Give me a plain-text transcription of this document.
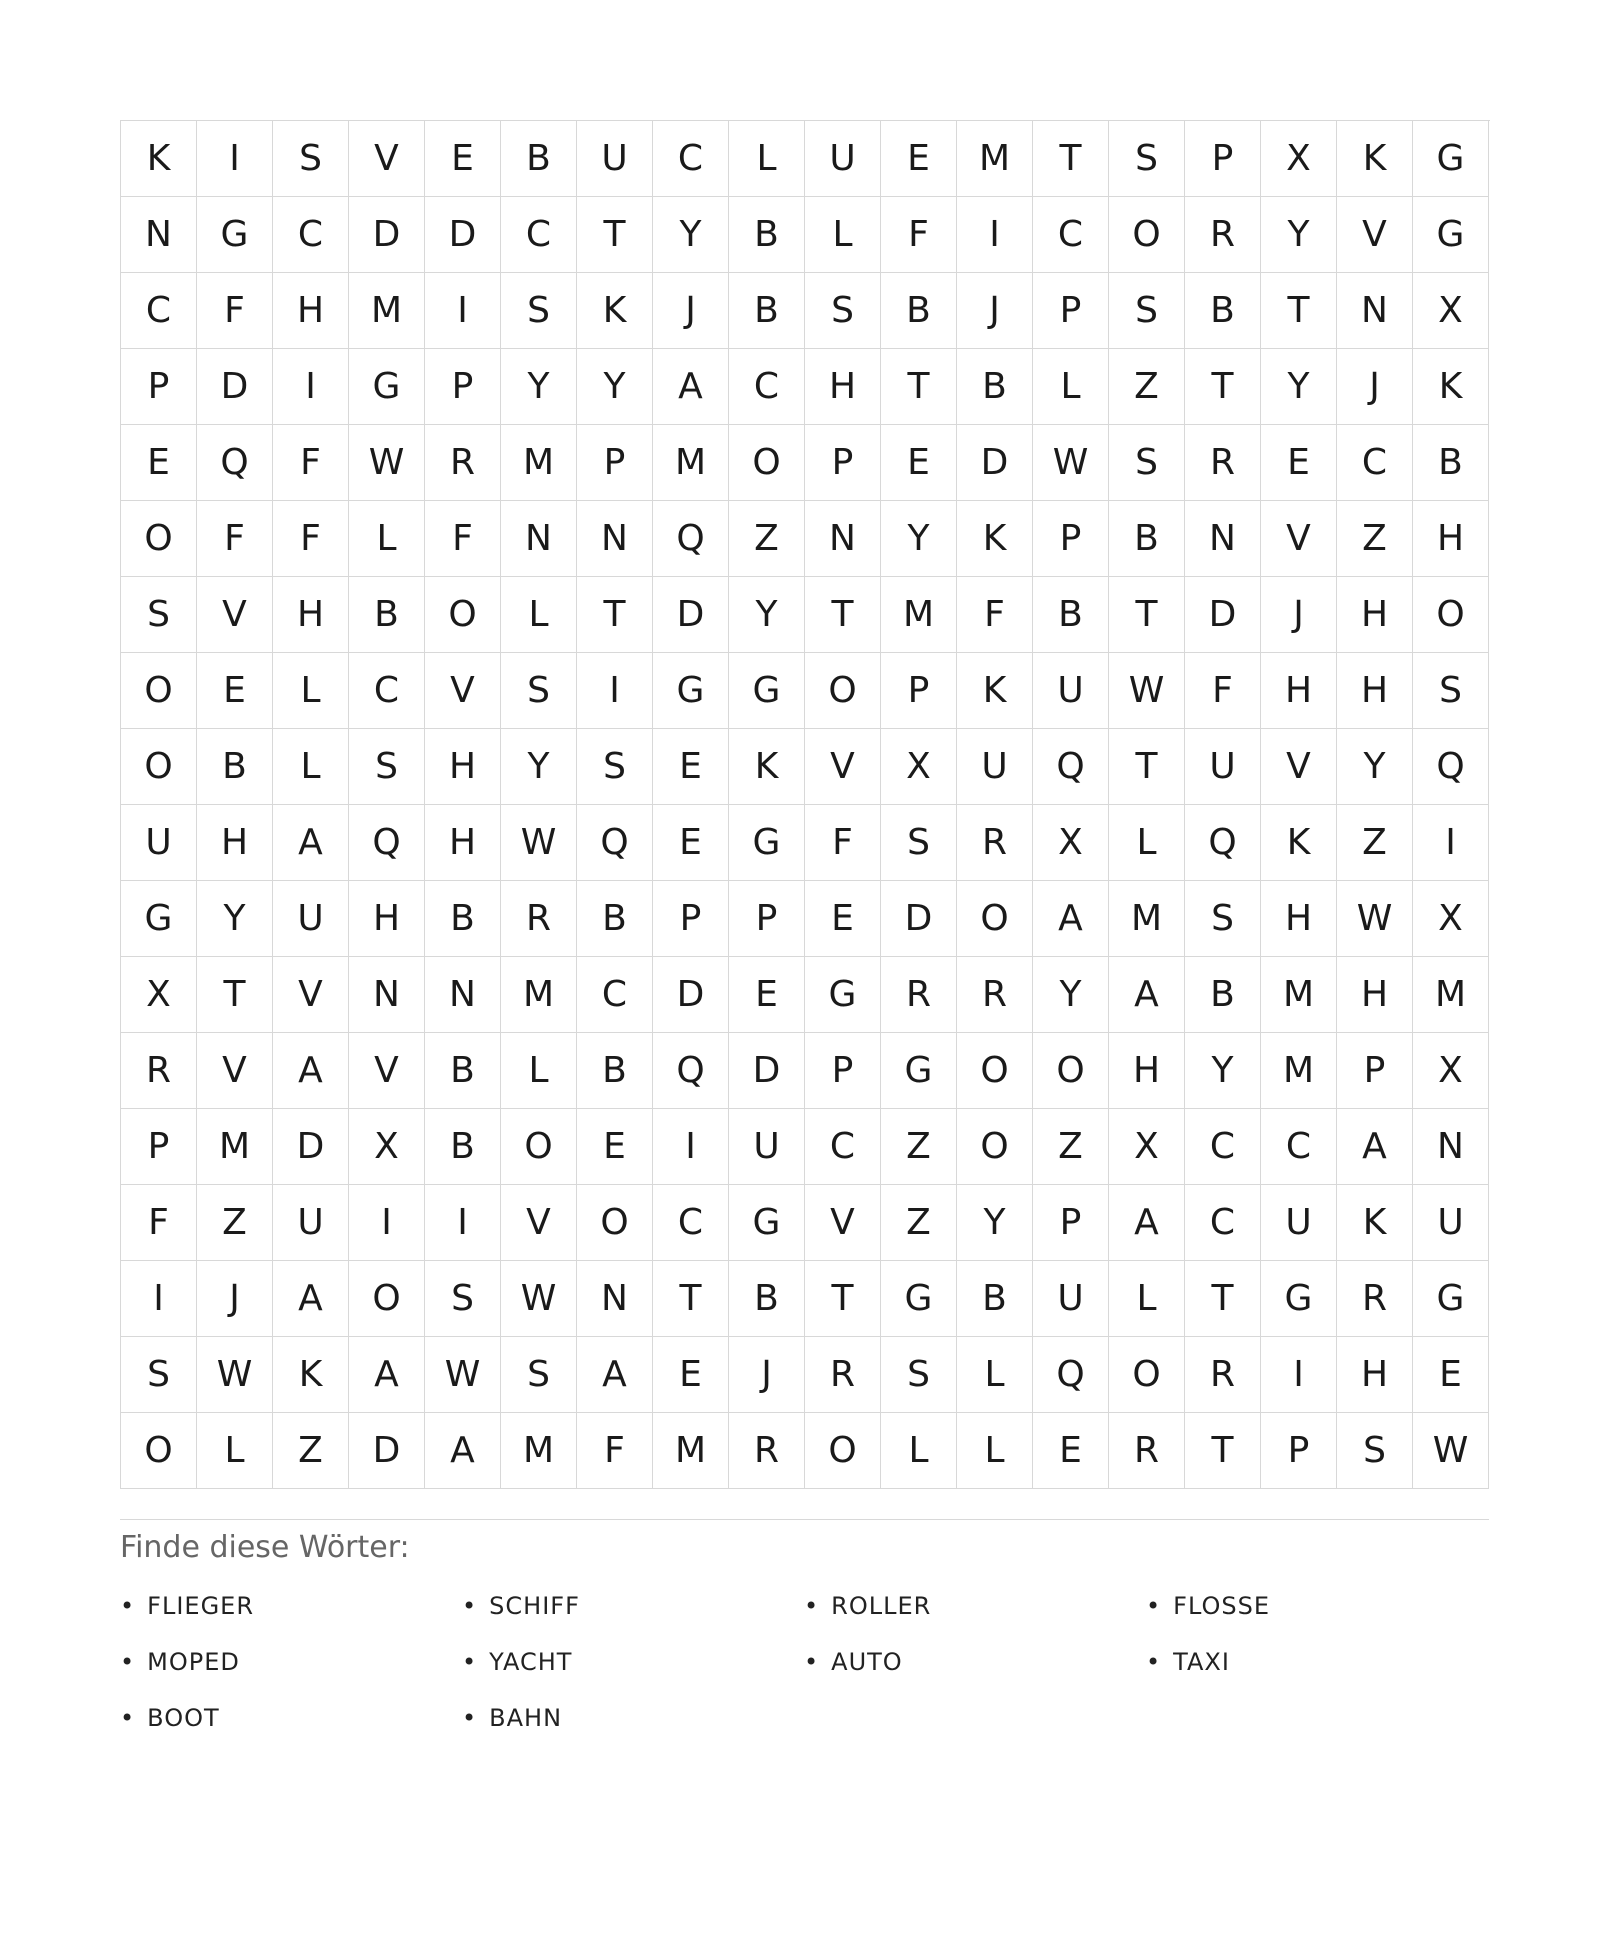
K	I	S	V	E	B	U	C	L	U	E	M	T	S	P	X	K	G
N	G	C	D	D	C	T	Y	B	L	F	I	C	O	R	Y	V	G
C	F	H	M	I	S	K	J	B	S	B	J	P	S	B	T	N	X
P	D	I	G	P	Y	Y	A	C	H	T	B	L	Z	T	Y	J	K
E	Q	F	W	R	M	P	M	O	P	E	D	W	S	R	E	C	B
O	F	F	L	F	N	N	Q	Z	N	Y	K	P	B	N	V	Z	H
S	V	H	B	O	L	T	D	Y	T	M	F	B	T	D	J	H	O
O	E	L	C	V	S	I	G	G	O	P	K	U	W	F	H	H	S
O	B	L	S	H	Y	S	E	K	V	X	U	Q	T	U	V	Y	Q
U	H	A	Q	H	W	Q	E	G	F	S	R	X	L	Q	K	Z	I
G	Y	U	H	B	R	B	P	P	E	D	O	A	M	S	H	W	X
X	T	V	N	N	M	C	D	E	G	R	R	Y	A	B	M	H	M
R	V	A	V	B	L	B	Q	D	P	G	O	O	H	Y	M	P	X
P	M	D	X	B	O	E	I	U	C	Z	O	Z	X	C	C	A	N
F	Z	U	I	I	V	O	C	G	V	Z	Y	P	A	C	U	K	U
I	J	A	O	S	W	N	T	B	T	G	B	U	L	T	G	R	G
S	W	K	A	W	S	A	E	J	R	S	L	Q	O	R	I	H	E
O	L	Z	D	A	M	F	M	R	O	L	L	E	R	T	P	S	W
Finde diese Wörter:
• FLIEGER	• SCHIFF	• ROLLER	• FLOSSE
• MOPED	• YACHT	• AUTO	• TAXI
• BOOT	• BAHN
